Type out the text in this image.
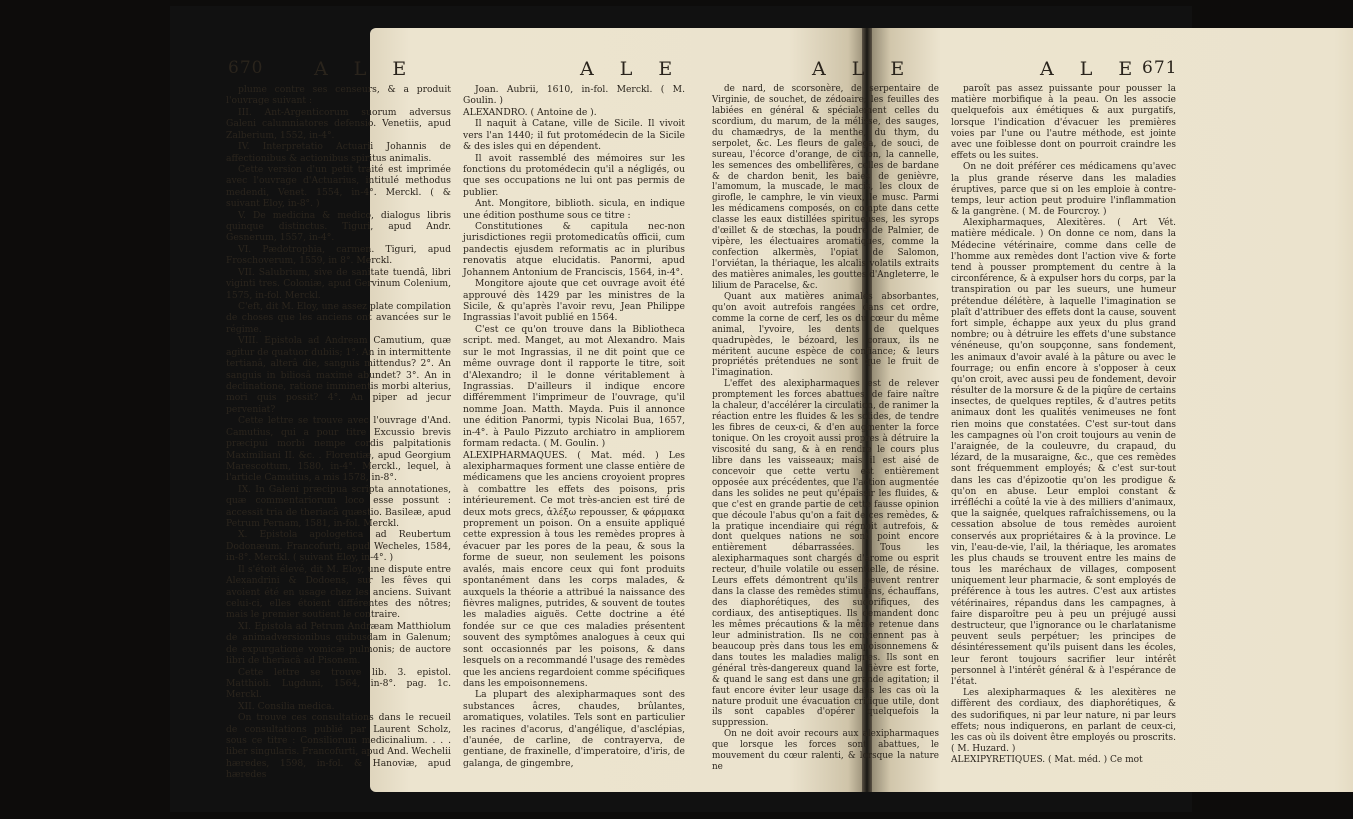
670	A L E	A L E	A L E	A L E 671

plume contre ses censeurs, & a produit l'ouvrage suivant :

III. Ant-Argenticorum suorum adversus Galeni calumniatores defensio. Venetiis, apud Zalberium, 1552, in-4°.

IV. Interpretatio Actuarii Johannis de affectionibus & actionibus spiritus animalis.

Cette version d'un petit traité est imprimée avec l'ouvrage d'Actuarius, intitulé methodus medendi, Venet. 1554, in-4°. Merckl. ( & suivant Eloy, in-8°. )

V. De medicina & medico, dialogus libris quinque distinctus. Tiguri, apud Andr. Gesnerum, 1557, in-4°.

VI. Pædotrophia, carmen. Tiguri, apud Froschoverum, 1559, in 8°. Merckl.

VII. Salubrium, sive de sanitate tuendâ, libri viginti tres. Coloniæ, apud Gervinum Colenium, 1575, in-fol. Merckl.

C'eft, dit M. Eloy, une assez plate compilation de choses que les anciens ont avancées sur le régime.

VIII. Epistola ad Andream Camutium, quæ agitur de quatuor dubiis; 1°. An in intermittente tertianâ, alterâ die, sanguis mittendus? 2°. An sanguis in biliosâ maximè abundet? 3°. An in declinatione, ratione imminentis morbi alterius, mori quis possit? 4°. An piper ad jecur perveniat?

Cette lettre se trouve avec l'ouvrage d'And. Camutius, qui a pour titre Excussio brevis præcipui morbi nempe cordis palpitationis Maximiliani II. &c. . Florentiæ, apud Georgium Marescottum, 1580, in-4°. Merckl., lequel, à l'article Camutius, a mis 1578, in-8°.

IX. In Galeni præcipua scripta annotationes, quæ commentariorum loco esse possunt : accessit tria de theriacâ quæstio. Basileæ, apud Petrum Pernam, 1581, in-fol. Merckl.

X. Epistola apologetica ad Reubertum Dodonæum. Francofurti, apud Wecheles, 1584, in-8°. Merckl. ( suivant Eloy, in-4°. )

Il s'étoit élevé, dit M. Eloy, une dispute entre Alexandrini & Dodoens, sur les fêves qui avoient été en usage chez les anciens. Suivant celui-ci, elles étoient différentes des nôtres; mais le premier soutient le contraire.

XI. Epistola ad Petrum Andræam Matthiolum de animadversionibus quibusdam in Galenum; de expurgatione vomicæ pulmonis; de auctore libri de theriacâ ad Pisonem.

Cette lettre se trouve lib. 3. epistol. Matthioli. Lugduni, 1564, in-8°. pag. 1c. Merckl.

XII. Consilia medica.

On trouve ces consultations dans le recueil de consultations publié par Laurent Scholz, sous ce titre : Consiliorum medicinalium. . . . liber singularis. Francofurti, apud And. Wechelii hæredes, 1598, in-fol. & Hanoviæ, apud hæredes

Joan. Aubrii, 1610, in-fol. Merckl. ( M. Goulin. )

ALEXANDRO. ( Antoine de ).

Il naquit à Catane, ville de Sicile. Il vivoit vers l'an 1440; il fut protomédecin de la Sicile & des isles qui en dépendent.

Il avoit rassemblé des mémoires sur les fonctions du protomédecin qu'il a négligés, ou que ses occupations ne lui ont pas permis de publier.

Ant. Mongitore, biblioth. sicula, en indique une édition posthume sous ce titre :

Constitutiones & capitula nec-non jurisdictiones regii protomedicatûs officii, cum pandectis ejusdem reformatis ac in pluribus renovatis atque elucidatis. Panormi, apud Johannem Antonium de Franciscis, 1564, in-4°.

Mongitore ajoute que cet ouvrage avoit été approuvé dès 1429 par les ministres de la Sicile, & qu'après l'avoir revu, Jean Philippe Ingrassias l'avoit publié en 1564.

C'est ce qu'on trouve dans la Bibliotheca script. med. Manget, au mot Alexandro. Mais sur le mot Ingrassias, il ne dit point que ce même ouvrage dont il rapporte le titre, soit d'Alexandro; il le donne véritablement à Ingrassias. D'ailleurs il indique encore différemment l'imprimeur de l'ouvrage, qu'il nomme Joan. Matth. Mayda. Puis il annonce une édition Panormi, typis Nicolai Bua, 1657, in-4°. à Paulo Pizzuto archiatro in ampliorem formam redacta. ( M. Goulin. )

ALEXIPHARMAQUES. ( Mat. méd. ) Les alexipharmaques forment une classe entière de médicamens que les anciens croyoient propres à combattre les effets des poisons, pris intérieurement. Ce mot très-ancien est tiré de deux mots grecs, ἀλέξω repousser, & φάρμακα proprement un poison. On a ensuite appliqué cette expression à tous les remèdes propres à évacuer par les pores de la peau, & sous la forme de sueur, non seulement les poisons avalés, mais encore ceux qui font produits spontanément dans les corps malades, & auxquels la théorie a attribué la naissance des fièvres malignes, putrides, & souvent de toutes les maladies aiguës. Cette doctrine a été fondée sur ce que ces maladies présentent souvent des symptômes analogues à ceux qui sont occasionnés par les poisons, & dans lesquels on a recommandé l'usage des remèdes que les anciens regardoient comme spécifiques dans les empoisonnemens.

La plupart des alexipharmaques sont des substances âcres, chaudes, brûlantes, aromatiques, volatiles. Tels sont en particulier les racines d'acorus, d'angélique, d'asclépias, d'aunée, de carline, de contrayerva, de gentiane, de fraxinelle, d'imperatoire, d'iris, de galanga, de gingembre,

de nard, de scorsonère, de serpentaire de Virginie, de souchet, de zédoaire; les feuilles des labiées en général & spécialement celles du scordium, du marum, de la mélisse, des sauges, du chamædrys, de la menthe, du thym, du serpolet, &c. Les fleurs de galega, de souci, de sureau, l'écorce d'orange, de citron, la cannelle, les semences des ombellifères, celles de bardane & de chardon benit, les baies de genièvre, l'amomum, la muscade, le macis, les cloux de girofle, le camphre, le vin vieux, le musc. Parmi les médicamens composés, on compte dans cette classe les eaux distillées spiritueuses, les syrops d'œillet & de stœchas, la poudre de Palmier, de vipère, les électuaires aromatiques, comme la confection alkermès, l'opiat de Salomon, l'orviétan, la thériaque, les alcalis volatils extraits des matières animales, les gouttes d'Angleterre, le lilium de Paracelse, &c.

Quant aux matières animales absorbantes, qu'on avoit autrefois rangées dans cet ordre, comme la corne de cerf, les os du cœur du même animal, l'yvoire, les dents de quelques quadrupèdes, le bézoard, les coraux, ils ne méritent aucune espèce de confiance; & leurs propriétés prétendues ne sont que le fruit de l'imagination.

L'effet des alexipharmaques est de relever promptement les forces abattues, de faire naître la chaleur, d'accélérer la circulation, de ranimer la réaction entre les fluides & les solides, de tendre les fibres de ceux-ci, & d'en augmenter la force tonique. On les croyoit aussi propres à détruire la viscosité du sang, & à en rendre le cours plus libre dans les vaisseaux; mais il est aisé de concevoir que cette vertu est entièrement opposée aux précédentes, que l'action augmentée dans les solides ne peut qu'épaissir les fluides, & que c'est en grande partie de cette fausse opinion que découle l'abus qu'on a fait de ces remèdes, & la pratique incendiaire qui régnoit autrefois, & dont quelques nations ne sont point encore entièrement débarrassées. Tous les alexipharmaques sont chargés d'arome ou esprit recteur, d'huile volatile ou essentielle, de résine. Leurs effets démontrent qu'ils peuvent rentrer dans la classe des remèdes stimulans, échauffans, des diaphorétiques, des sudorifiques, des cordiaux, des antiseptiques. Ils demandent donc les mêmes précautions & la même retenue dans leur administration. Ils ne conviennent pas à beaucoup près dans tous les empoisonnemens & dans toutes les maladies malignes. Ils sont en général très-dangereux quand la fièvre est forte, & quand le sang est dans une grande agitation; il faut encore éviter leur usage dans les cas où la nature produit une évacuation critique utile, dont ils sont capables d'opérer quelquefois la suppression.

On ne doit avoir recours aux alexipharmaques que lorsque les forces sont abattues, le mouvement du cœur ralenti, & lorsque la nature ne

paroît pas assez puissante pour pousser la matière morbifique à la peau. On les associe quelquefois aux émétiques & aux purgatifs, lorsque l'indication d'évacuer les premières voies par l'une ou l'autre méthode, est jointe avec une foiblesse dont on pourroit craindre les effets ou les suites.

On ne doit préférer ces médicamens qu'avec la plus grande réserve dans les maladies éruptives, parce que si on les emploie à contre-temps, leur action peut produire l'inflammation & la gangrène. ( M. de Fourcroy. )

Alexipharmaques, Alexitères. ( Art Vét. matière médicale. ) On donne ce nom, dans la Médecine vétérinaire, comme dans celle de l'homme aux remèdes dont l'action vive & forte tend à pousser promptement du centre à la circonférence, & à expulser hors du corps, par la transpiration ou par les sueurs, une humeur prétendue délétère, à laquelle l'imagination se plaît d'attribuer des effets dont la cause, souvent fort simple, échappe aux yeux du plus grand nombre; ou à détruire les effets d'une substance vénéneuse, qu'on soupçonne, sans fondement, les animaux d'avoir avalé à la pâture ou avec le fourrage; ou enfin encore à s'opposer à ceux qu'on croit, avec aussi peu de fondement, devoir résulter de la morsure & de la piqûre de certains insectes, de quelques reptiles, & d'autres petits animaux dont les qualités venimeuses ne font rien moins que constatées. C'est sur-tout dans les campagnes où l'on croit toujours au venin de l'araignée, de la couleuvre, du crapaud, du lézard, de la musaraigne, &c., que ces remèdes sont fréquemment employés; & c'est sur-tout dans les cas d'épizootie qu'on les prodigue & qu'on en abuse. Leur emploi constant & irréfléchi a coûté la vie à des milliers d'animaux, que la saignée, quelques rafraîchissemens, ou la cessation absolue de tous remèdes auroient conservés aux propriétaires & à la province. Le vin, l'eau-de-vie, l'ail, la thériaque, les aromates les plus chauds se trouvent entre les mains de tous les maréchaux de villages, composent uniquement leur pharmacie, & sont employés de préférence à tous les autres. C'est aux artistes vétérinaires, répandus dans les campagnes, à faire disparoître peu à peu un préjugé aussi destructeur, que l'ignorance ou le charlatanisme peuvent seuls perpétuer; les principes de désintéressement qu'ils puisent dans les écoles, leur feront toujours sacrifier leur intérêt personnel à l'intérêt général & à l'espérance de l'état.

Les alexipharmaques & les alexitères ne diffèrent des cordiaux, des diaphorétiques, & des sudorifiques, ni par leur nature, ni par leurs effets; nous indiquerons, en parlant de ceux-ci, les cas où ils doivent être employés ou proscrits. ( M. Huzard. )

ALEXIPYRETIQUES. ( Mat. méd. ) Ce mot
